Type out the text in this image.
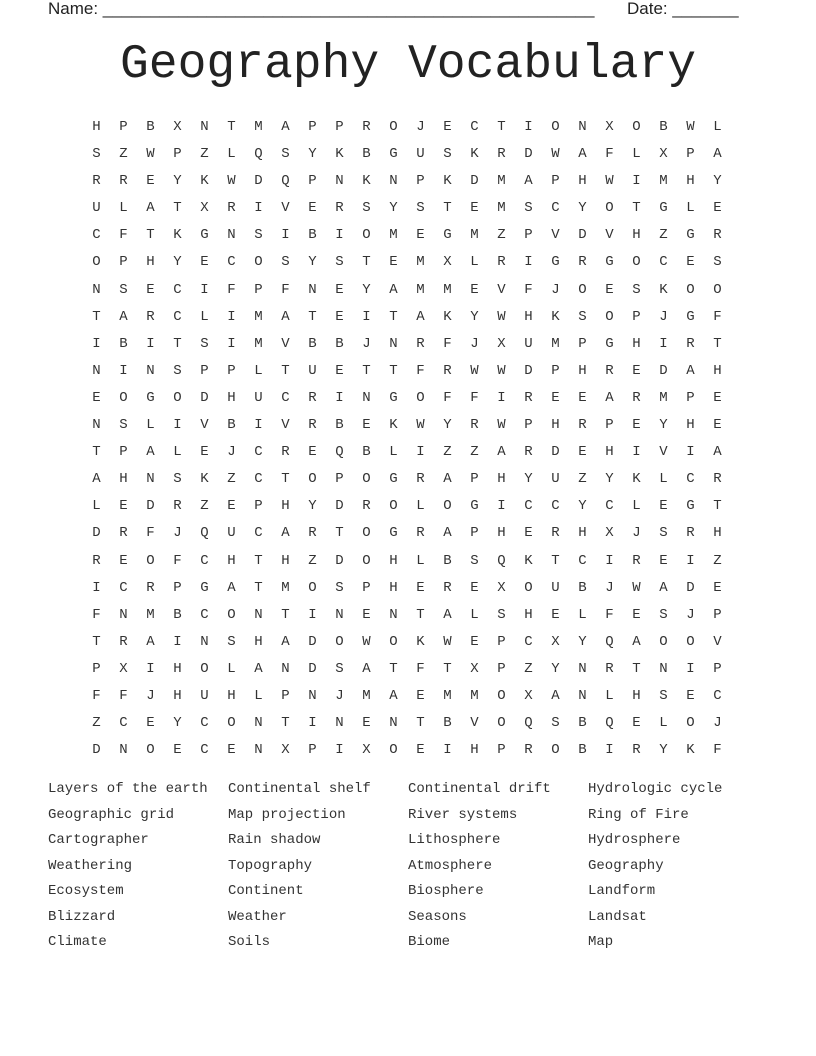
Name: ____________________________________________________ Date: _______
Geography Vocabulary
H	P	B	X	N	T	M	A	P	P	R	O	J	E	C	T	I	O	N	X	O	B	W	L
S	Z	W	P	Z	L	Q	S	Y	K	B	G	U	S	K	R	D	W	A	F	L	X	P	A
R	R	E	Y	K	W	D	Q	P	N	K	N	P	K	D	M	A	P	H	W	I	M	H	Y
U	L	A	T	X	R	I	V	E	R	S	Y	S	T	E	M	S	C	Y	O	T	G	L	E
C	F	T	K	G	N	S	I	B	I	O	M	E	G	M	Z	P	V	D	V	H	Z	G	R
O	P	H	Y	E	C	O	S	Y	S	T	E	M	X	L	R	I	G	R	G	O	C	E	S
N	S	E	C	I	F	P	F	N	E	Y	A	M	M	E	V	F	J	O	E	S	K	O	O
T	A	R	C	L	I	M	A	T	E	I	T	A	K	Y	W	H	K	S	O	P	J	G	F
I	B	I	T	S	I	M	V	B	B	J	N	R	F	J	X	U	M	P	G	H	I	R	T
N	I	N	S	P	P	L	T	U	E	T	T	F	R	W	W	D	P	H	R	E	D	A	H
E	O	G	O	D	H	U	C	R	I	N	G	O	F	F	I	R	E	E	A	R	M	P	E
N	S	L	I	V	B	I	V	R	B	E	K	W	Y	R	W	P	H	R	P	E	Y	H	E
T	P	A	L	E	J	C	R	E	Q	B	L	I	Z	Z	A	R	D	E	H	I	V	I	A
A	H	N	S	K	Z	C	T	O	P	O	G	R	A	P	H	Y	U	Z	Y	K	L	C	R
L	E	D	R	Z	E	P	H	Y	D	R	O	L	O	G	I	C	C	Y	C	L	E	G	T
D	R	F	J	Q	U	C	A	R	T	O	G	R	A	P	H	E	R	H	X	J	S	R	H
R	E	O	F	C	H	T	H	Z	D	O	H	L	B	S	Q	K	T	C	I	R	E	I	Z
I	C	R	P	G	A	T	M	O	S	P	H	E	R	E	X	O	U	B	J	W	A	D	E
F	N	M	B	C	O	N	T	I	N	E	N	T	A	L	S	H	E	L	F	E	S	J	P
T	R	A	I	N	S	H	A	D	O	W	O	K	W	E	P	C	X	Y	Q	A	O	O	V
P	X	I	H	O	L	A	N	D	S	A	T	F	T	X	P	Z	Y	N	R	T	N	I	P
F	F	J	H	U	H	L	P	N	J	M	A	E	M	M	O	X	A	N	L	H	S	E	C
Z	C	E	Y	C	O	N	T	I	N	E	N	T	B	V	O	Q	S	B	Q	E	L	O	J
D	N	O	E	C	E	N	X	P	I	X	O	E	I	H	P	R	O	B	I	R	Y	K	F
Layers of the earth	Continental shelf	Continental drift	Hydrologic cycle
Geographic grid	Map projection	River systems	Ring of Fire
Cartographer	Rain shadow	Lithosphere	Hydrosphere
Weathering	Topography	Atmosphere	Geography
Ecosystem	Continent	Biosphere	Landform
Blizzard	Weather	Seasons	Landsat
Climate	Soils	Biome	Map
